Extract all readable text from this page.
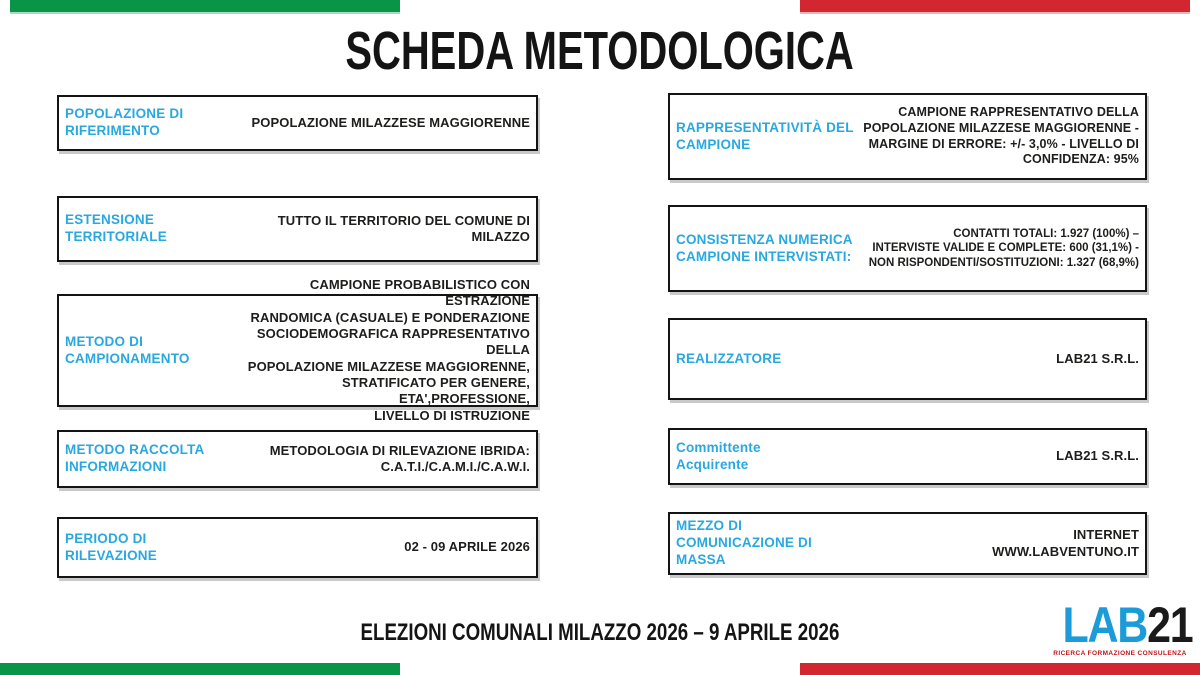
SCHEDA METODOLOGICA
POPOLAZIONE DI
RIFERIMENTO
POPOLAZIONE MILAZZESE MAGGIORENNE
ESTENSIONE
TERRITORIALE
TUTTO IL TERRITORIO DEL COMUNE DI MILAZZO
METODO DI
CAMPIONAMENTO
CAMPIONE PROBABILISTICO CON ESTRAZIONE
RANDOMICA (CASUALE) E PONDERAZIONE
SOCIODEMOGRAFICA RAPPRESENTATIVO DELLA
POPOLAZIONE MILAZZESE MAGGIORENNE,
STRATIFICATO PER GENERE, ETA',PROFESSIONE,
LIVELLO DI ISTRUZIONE
METODO RACCOLTA
INFORMAZIONI
METODOLOGIA DI RILEVAZIONE IBRIDA:
C.A.T.I./C.A.M.I./C.A.W.I.
PERIODO DI RILEVAZIONE
02 - 09 APRILE 2026
RAPPRESENTATIVITÀ DEL
CAMPIONE
CAMPIONE RAPPRESENTATIVO DELLA
POPOLAZIONE MILAZZESE MAGGIORENNE -
MARGINE DI ERRORE: +/- 3,0% - LIVELLO DI
CONFIDENZA: 95%
CONSISTENZA NUMERICA
CAMPIONE INTERVISTATI:
CONTATTI TOTALI: 1.927 (100%) –
INTERVISTE VALIDE E COMPLETE: 600 (31,1%) -
NON RISPONDENTI/SOSTITUZIONI: 1.327 (68,9%)
REALIZZATORE	LAB21 S.R.L.
Committente
Acquirente
LAB21 S.R.L.
MEZZO DI
COMUNICAZIONE DI
MASSA
INTERNET
WWW.LABVENTUNO.IT
ELEZIONI COMUNALI MILAZZO 2026 – 9 APRILE 2026	LAB21
RICERCA FORMAZIONE CONSULENZA
